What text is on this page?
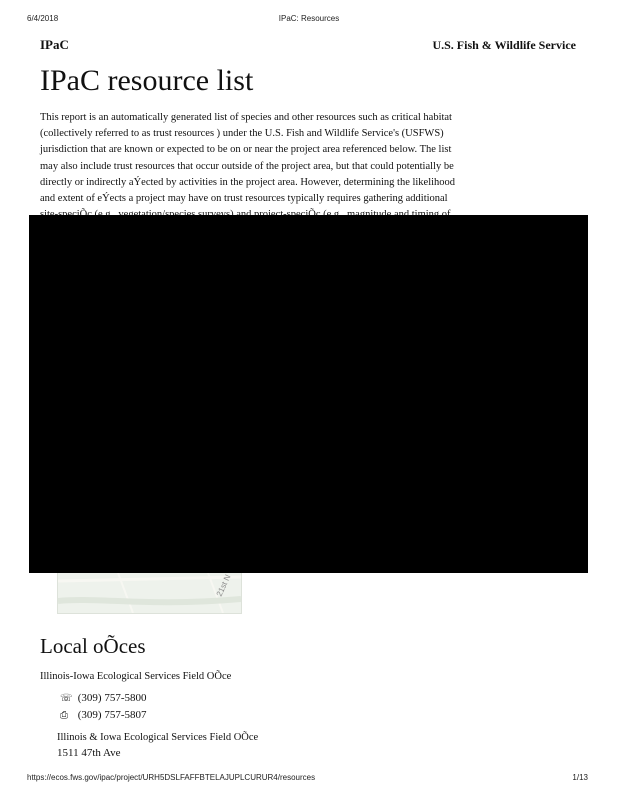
6/4/2018	IPaC: Resources
IPaC	U.S. Fish & Wildlife Service
IPaC resource list

This report is an automatically generated list of species and other resources such as critical habitat
(collectively referred to as trust resources ) under the U.S. Fish and Wildlife Service's (USFWS)
jurisdiction that are known or expected to be on or near the project area referenced below. The list
may also include trust resources that occur outside of the project area, but that could potentially be
directly or indirectly aÝected by activities in the project area. However, determining the likelihood
and extent of eÝects a project may have on trust resources typically requires gathering additional

21st N
Local oÕces
Illinois-Iowa Ecological Services Field OÕce
☏ (309) 757-5800
⎙ (309) 757-5807
Illinois & Iowa Ecological Services Field OÕce
1511 47th Ave
https://ecos.fws.gov/ipac/project/URH5DSLFAFFBTELAJUPLCURUR4/resources	1/13
